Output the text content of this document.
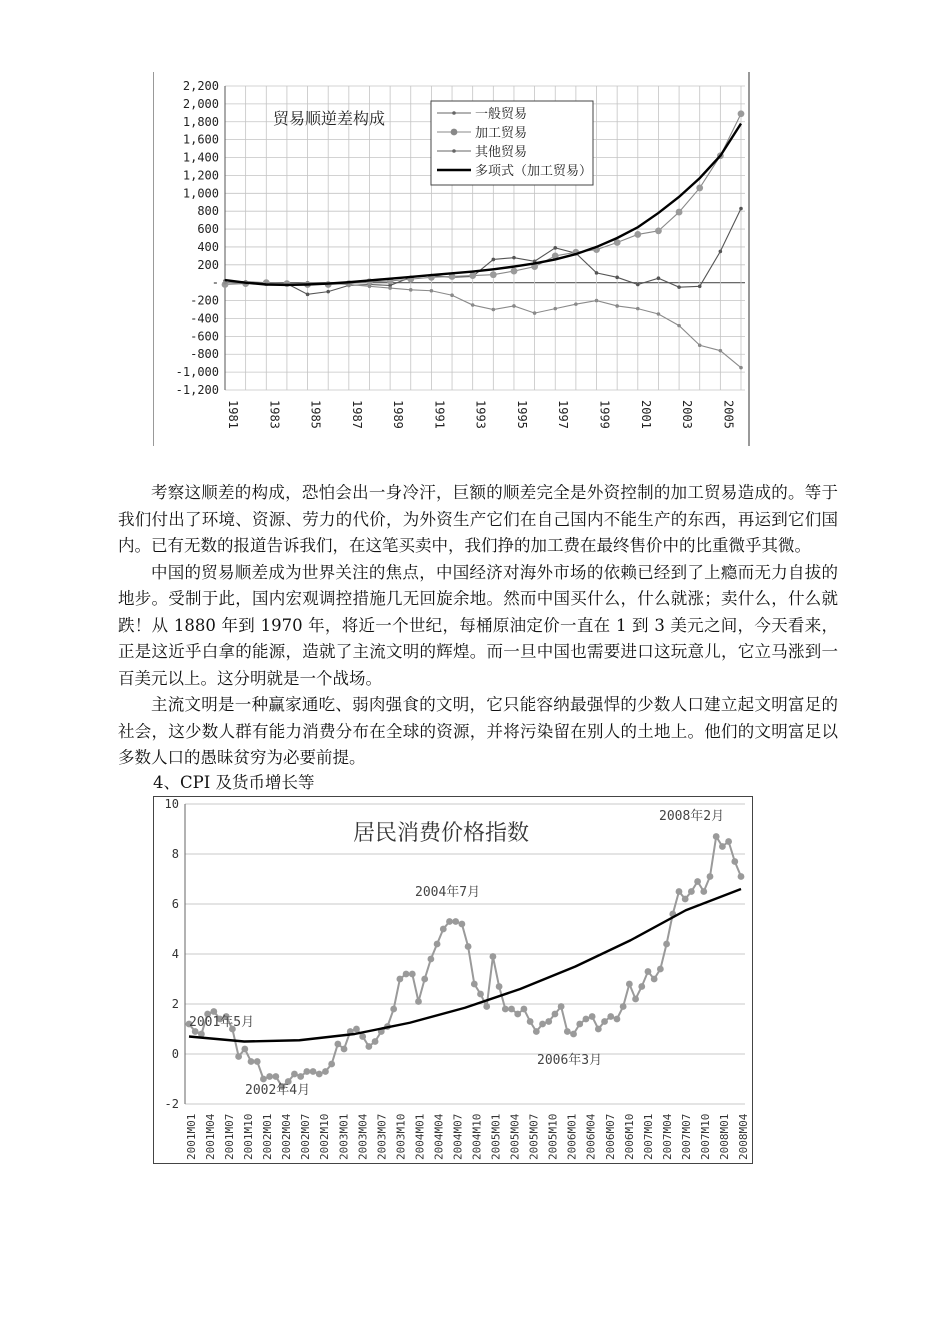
2,200
2,000
1,800
1,600
1,400
1,200
1,000
800
600
400
200
-
-200
-400
-600
-800
-1,000
-1,200
1981 1983 1985 1987 1989 1991 1993 1995 1997 1999 2001 2003 2005
贸易顺逆差构成	一般贸易
加工贸易
其他贸易
多项式（加工贸易）

考察这顺差的构成，恐怕会出一身冷汗，巨额的顺差完全是外资控制的加工贸易造成的。等于我们付出了环境、资源、劳力的代价，为外资生产它们在自己国内不能生产的东西，再运到它们国内。已有无数的报道告诉我们，在这笔买卖中，我们挣的加工费在最终售价中的比重微乎其微。

中国的贸易顺差成为世界关注的焦点，中国经济对海外市场的依赖已经到了上瘾而无力自拔的地步。受制于此，国内宏观调控措施几无回旋余地。然而中国买什么，什么就涨；卖什么，什么就跌！从 1880 年到 1970 年，将近一个世纪，每桶原油定价一直在 1 到 3 美元之间，今天看来，正是这近乎白拿的能源，造就了主流文明的辉煌。而一旦中国也需要进口这玩意儿，它立马涨到一百美元以上。这分明就是一个战场。

主流文明是一种赢家通吃、弱肉强食的文明，它只能容纳最强悍的少数人口建立起文明富足的社会，这少数人群有能力消费分布在全球的资源，并将污染留在别人的土地上。他们的文明富足以多数人口的愚昧贫穷为必要前提。

4、CPI 及货币增长等

10
8
6
4
2
0
-2
2001M01 2001M04 2001M07 2001M10 2002M01 2002M04 2002M07 2002M10 2003M01 2003M04 2003M07 2003M10 2004M01 2004M04 2004M07 2004M10 2005M01 2005M04 2005M07 2005M10 2006M01 2006M04 2006M07 2006M10 2007M01 2007M04 2007M07 2007M10 2008M01 2008M04
2001年5月
2002年4月
2004年7月
2006年3月
2008年2月
居民消费价格指数
